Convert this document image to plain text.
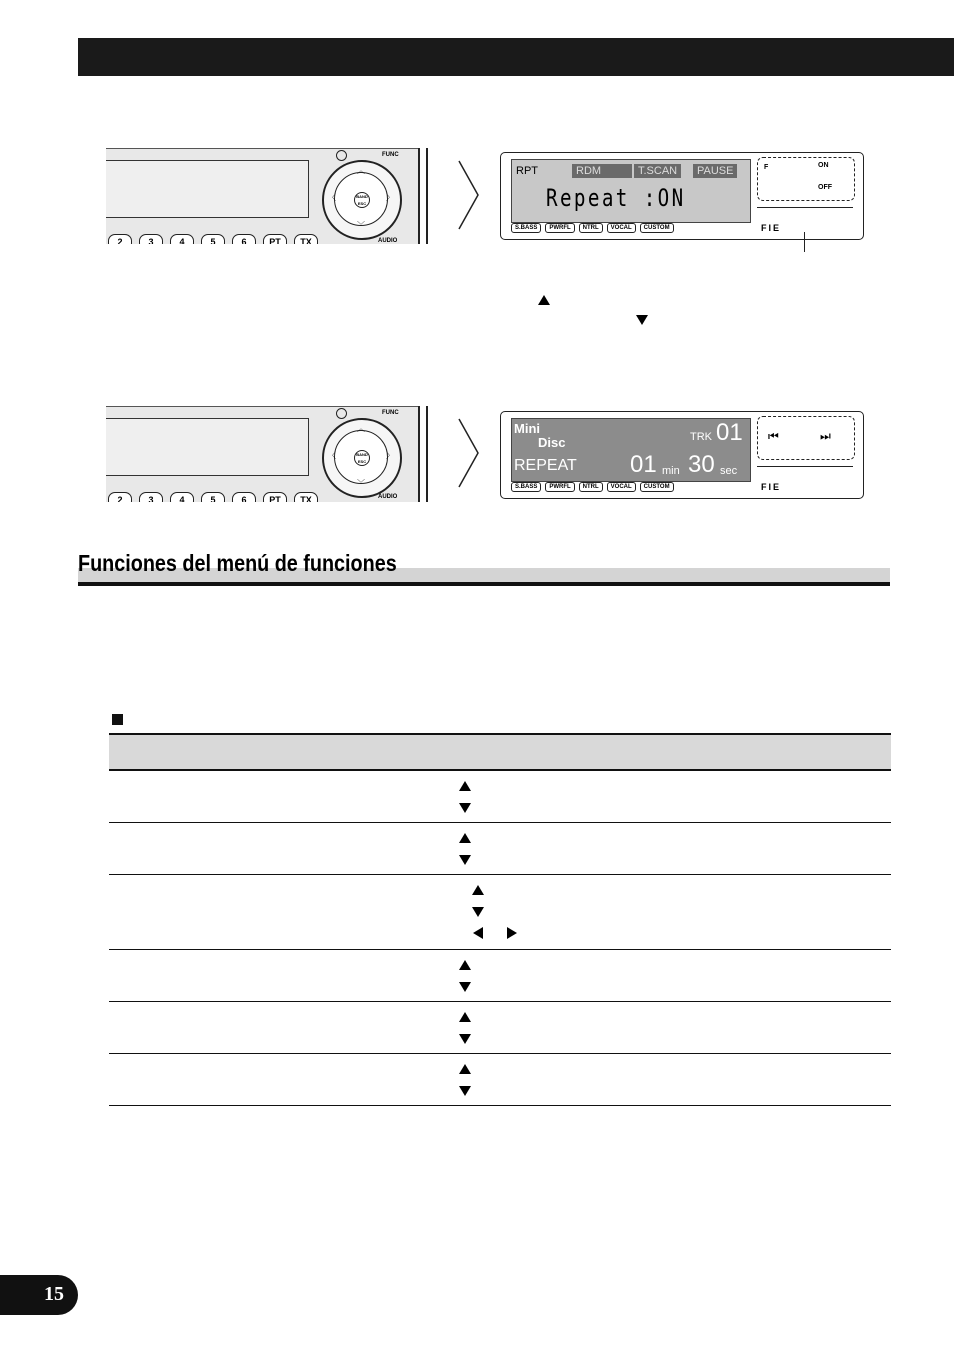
FUNC
AUDIO
BAND ESC
︿
﹀
〈	〉
2	3	4	5	6	PT	TX
RPT	RDM	T.SCAN	PAUSE
Repeat :ON
F	ON
OFF
FIE
S.BASS	PWRFL	NTRL	VOCAL	CUSTOM
FUNC
AUDIO
BAND ESC
︿
﹀
〈	〉
2	3	4	5	6	PT	TX
Mini
Disc
REPEAT
TRK 01
01 min 30 sec
⏮	⏭
FIE
S.BASS	PWRFL	NTRL	VOCAL	CUSTOM
Funciones del menú de funciones
15
